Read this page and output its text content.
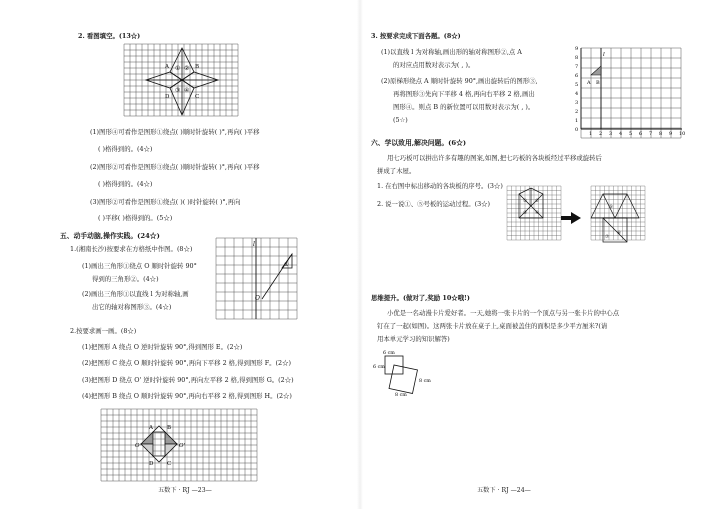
2. 看图填空。(13☆)
① ②
③ ④
A	B
C
D
(1)图形④可看作是图形①绕点( )顺时针旋转( )°,再向( )平移
( )格得到的。(4☆)
(2)图形②可看作是图形③绕点( )顺时针旋转( )°,再向( )平移
( )格得到的。(4☆)
(3)图形②可看作是图形①绕点( )( )时针旋转( )°,再向
( )平移( )格得到的。(5☆)
五、动手动脑,操作实践。(24☆)
1.(湘南长沙)按要求在方格纸中作图。(8☆)
(1)画出三角形①绕点 O 顺时针旋转 90°
得到的三角形②。(4☆)
(2)画出三角形①以直线 l 为对称轴,画
出它的轴对称图形③。(4☆)
l
①
O
2.按要求画一画。(8☆)
(1)把图形 A 绕点 O 逆时针旋转 90°,得到图形 E。(2☆)
(2)把图形 C 绕点 O 顺时针旋转 90°,再向下平移 2 格,得到图形 F。(2☆)
(3)把图形 D 绕点 O' 逆时针旋转 90°,再向左平移 2 格,得到图形 G。(2☆)
(4)把图形 B 绕点 O 顺时针旋转 90°,再向右平移 2 格,得到图形 H。(2☆)
A	B
C
D
O	O'
五数下 · RJ —23—
3. 按要求完成下面各题。(8☆)
(1)以直线 l 为对称轴,画出形的轴对称图形②,点 A
的对应点用数对表示为( , )。
(2)原梯形绕点 A 顺时针旋转 90°,画出旋转后的图形③,
再将图形③先向下平移 4 格,再向右平移 2 格,画出
图形④。则点 B 的新位置可以用数对表示为( , )。
(5☆)
l
A B
9
8
7
6
5
4
3
2
1
0
1 2 3 4 5 6 7 8 9 10
六、学以致用,解决问题。(6☆)
用七巧板可以拼出许多有趣的图案,如图,把七巧板的各块板经过平移或旋转后
拼成了木屋。
1. 在右图中标出移动的各块板的序号。(3☆)
2. 说一说①、⑤号板的运动过程。(3☆)	① ②
③ ④
⑤
⑥
⑦
思维提升。(做对了,奖励 10☆哦!)
小优是一名动漫卡片爱好者。一天,她将一张卡片的一个顶点与另一张卡片的中心点
钉在了一起(如图)。这两张卡片放在桌子上,桌面被盖住的面积是多少平方厘米?(请
用本单元学习的知识解答)
6 cm
6 cm
8 cm
8 cm
五数下 · RJ —24—
